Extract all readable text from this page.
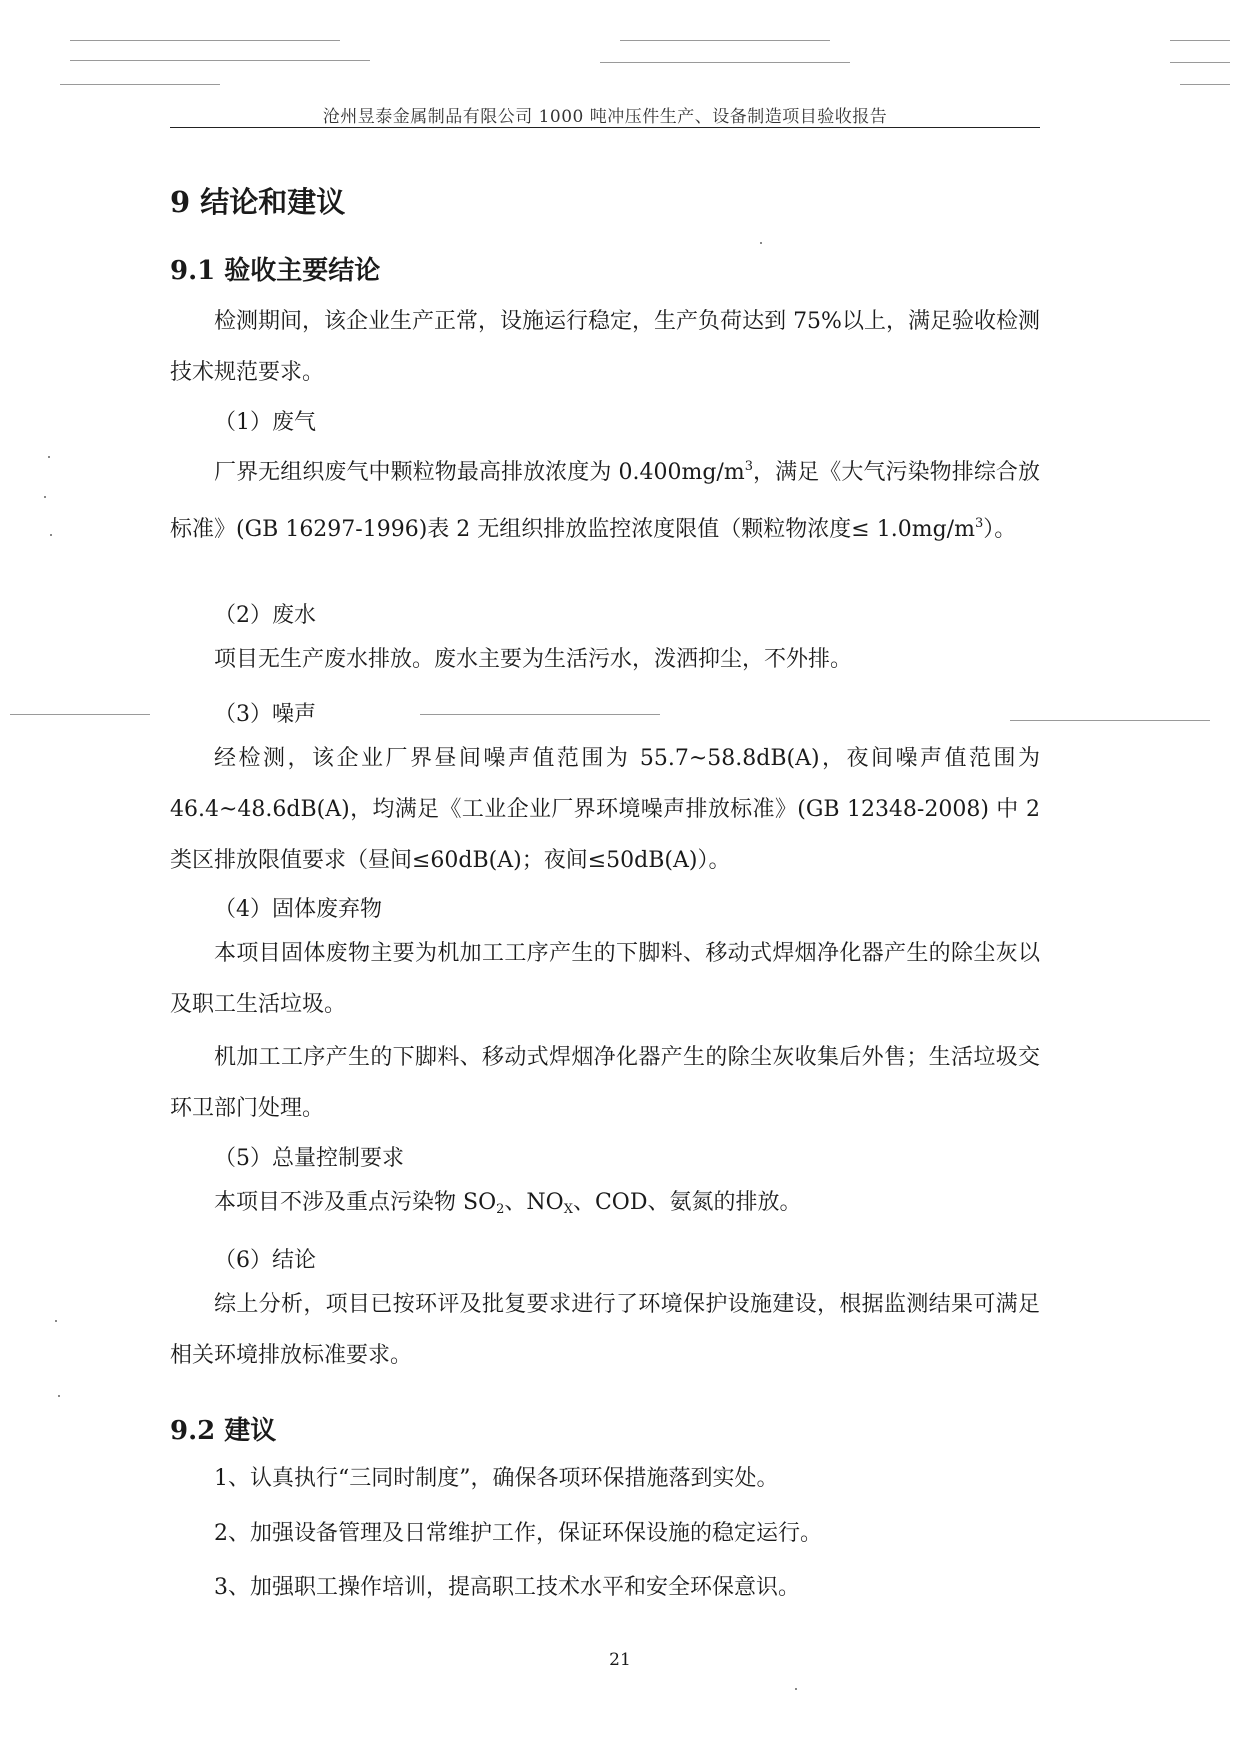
沧州昱泰金属制品有限公司 1000 吨冲压件生产、设备制造项目验收报告
9 结论和建议
9.1 验收主要结论
检测期间，该企业生产正常，设施运行稳定，生产负荷达到 75%以上，满足验收检测技术规范要求。
（1）废气
厂界无组织废气中颗粒物最高排放浓度为 $0.400mg/m^3$，满足《大气污染物排综合放标准》(GB 16297-1996)表 2 无组织排放监控浓度限值（颗粒物浓度≤ $1.0mg/m^3$）。
（2）废水
项目无生产废水排放。废水主要为生活污水，泼洒抑尘，不外排。
（3）噪声
经检测，该企业厂界昼间噪声值范围为 55.7~58.8dB(A)，夜间噪声值范围为 46.4~48.6dB(A)，均满足《工业企业厂界环境噪声排放标准》(GB 12348-2008) 中 2 类区排放限值要求（昼间≤60dB(A)；夜间≤50dB(A)）。
（4）固体废弃物
本项目固体废物主要为机加工工序产生的下脚料、移动式焊烟净化器产生的除尘灰以及职工生活垃圾。
机加工工序产生的下脚料、移动式焊烟净化器产生的除尘灰收集后外售；生活垃圾交环卫部门处理。
（5）总量控制要求
本项目不涉及重点污染物 $SO_2$、$NO_X$、COD、氨氮的排放。
（6）结论
综上分析，项目已按环评及批复要求进行了环境保护设施建设，根据监测结果可满足相关环境排放标准要求。
9.2 建议
1、认真执行“三同时制度”，确保各项环保措施落到实处。
2、加强设备管理及日常维护工作，保证环保设施的稳定运行。
3、加强职工操作培训，提高职工技术水平和安全环保意识。
21
